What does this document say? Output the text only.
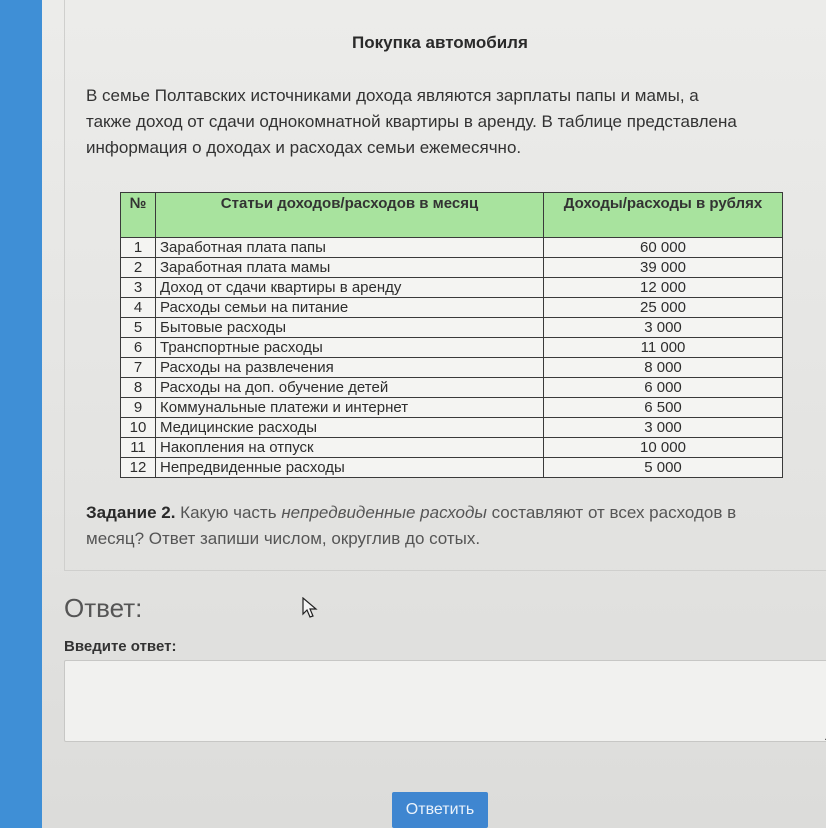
Покупка автомобиля
В семье Полтавских источниками дохода являются зарплаты папы и мамы, а
также доход от сдачи однокомнатной квартиры в аренду. В таблице представлена
информация о доходах и расходах семьи ежемесячно.
№	Статьи доходов/расходов в месяц	Доходы/расходы в рублях
1	Заработная плата папы	60 000
2	Заработная плата мамы	39 000
3	Доход от сдачи квартиры в аренду	12 000
4	Расходы семьи на питание	25 000
5	Бытовые расходы	3 000
6	Транспортные расходы	11 000
7	Расходы на развлечения	8 000
8	Расходы на доп. обучение детей	6 000
9	Коммунальные платежи и интернет	6 500
10	Медицинские расходы	3 000
11	Накопления на отпуск	10 000
12	Непредвиденные расходы	5 000
Задание 2. Какую часть непредвиденные расходы составляют от всех расходов в
месяц? Ответ запиши числом, округлив до сотых.
Ответ:
Введите ответ:
Ответить
